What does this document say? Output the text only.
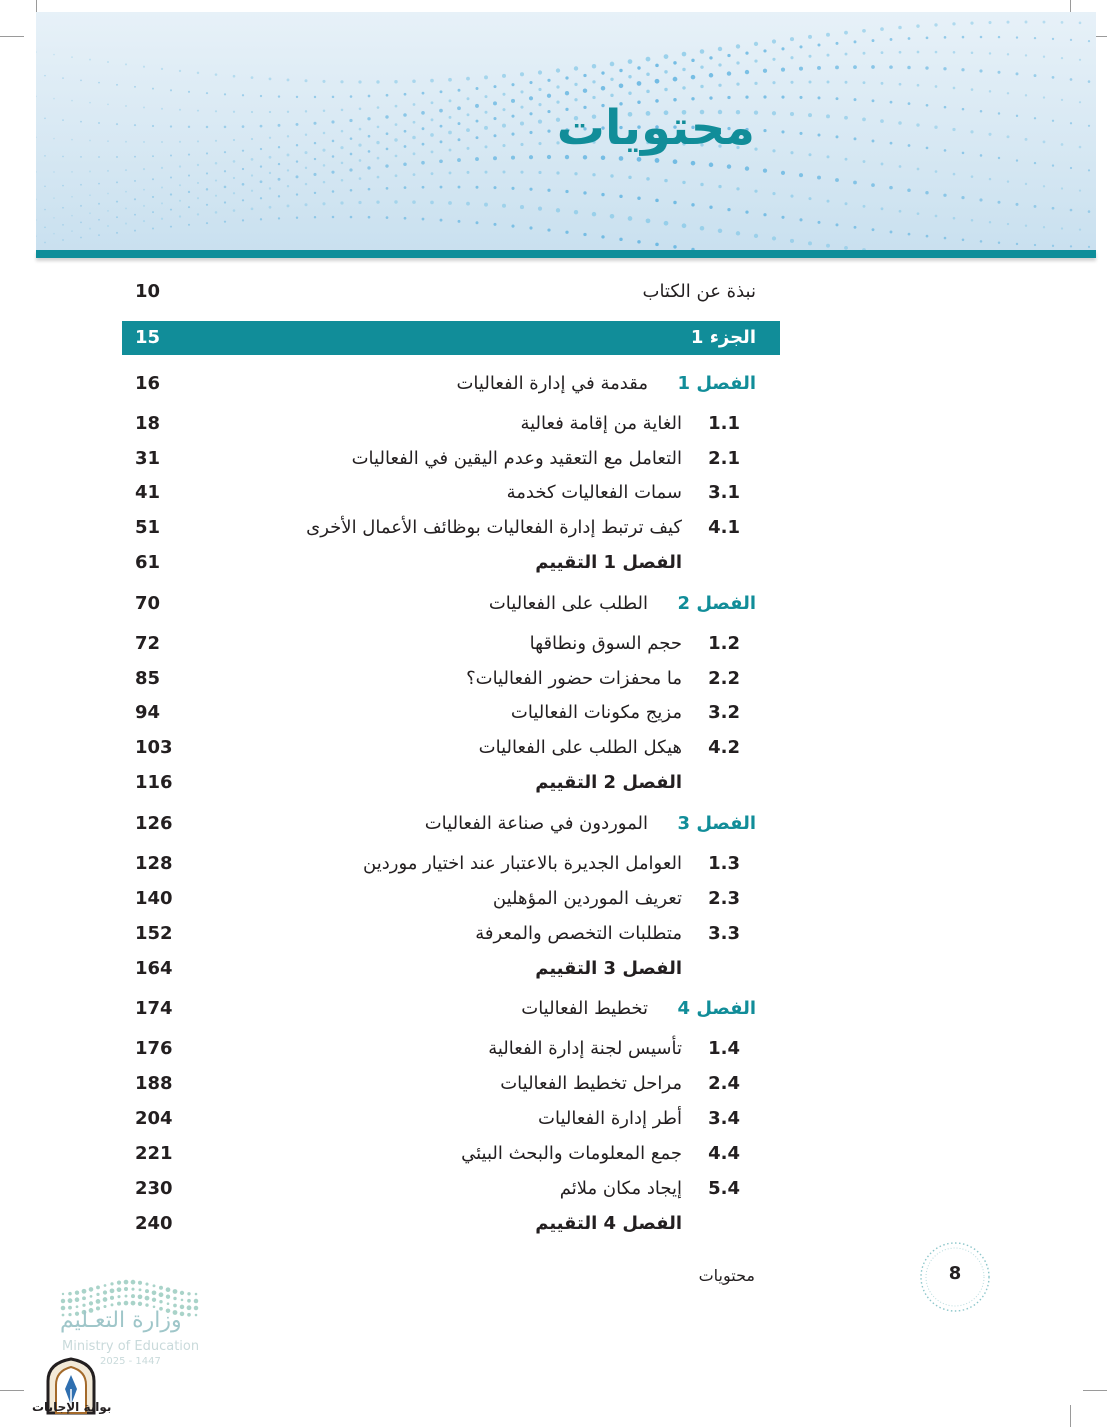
محتويات
نبذة عن الكتاب
10
الجزء 1
15
الفصل 1
مقدمة في إدارة الفعاليات
16
1.1
الغاية من إقامة فعالية
18
2.1
التعامل مع التعقيد وعدم اليقين في الفعاليات
31
3.1
سمات الفعاليات كخدمة
41
4.1
كيف ترتبط إدارة الفعاليات بوظائف الأعمال الأخرى
51
الفصل 1 التقييم
61
الفصل 2
الطلب على الفعاليات
70
1.2
حجم السوق ونطاقها
72
2.2
ما محفزات حضور الفعاليات؟
85
3.2
مزيج مكونات الفعاليات
94
4.2
هيكل الطلب على الفعاليات
103
الفصل 2 التقييم
116
الفصل 3
الموردون في صناعة الفعاليات
126
1.3
العوامل الجديرة بالاعتبار عند اختيار موردين
128
2.3
تعريف الموردين المؤهلين
140
3.3
متطلبات التخصص والمعرفة
152
الفصل 3 التقييم
164
الفصل 4
تخطيط الفعاليات
174
1.4
تأسيس لجنة إدارة الفعالية
176
2.4
مراحل تخطيط الفعاليات
188
3.4
أطر إدارة الفعاليات
204
4.4
جمع المعلومات والبحث البيئي
221
5.4
إيجاد مكان ملائم
230
الفصل 4 التقييم
240
محتويات	8
وزارة التعـليم
Ministry of Education
2025 - 1447
بوابة الإجابات
